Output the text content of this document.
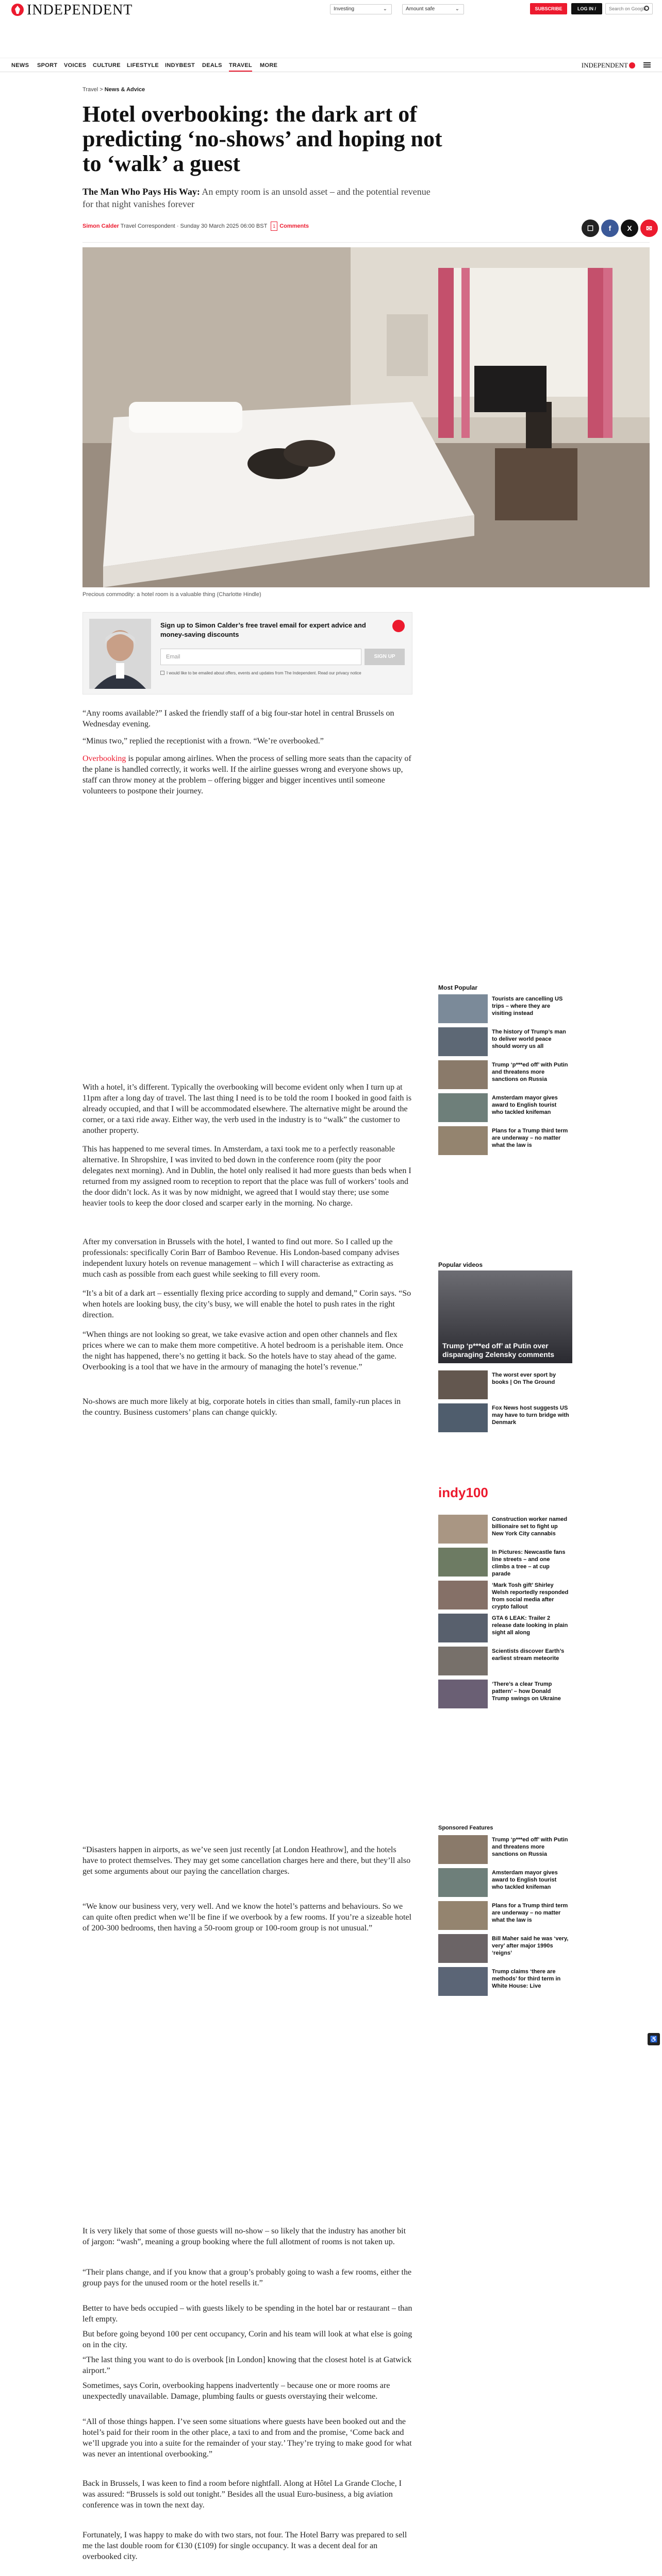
INDEPENDENT	Investing	⌄	Amount safe	⌄	SUBSCRIBE NOW
LOG IN / REGISTER
Search on Google
NEWS SPORT VOICES CULTURE LIFESTYLE INDYBEST DEALS TRAVEL MORE	INDEPENDENT
Travel > News & Advice
Hotel overbooking: the dark art of predicting ‘no-shows’ and hoping not to ‘walk’ a guest

The Man Who Pays His Way: An empty room is an unsold asset – and the potential revenue for that night vanishes forever

Simon Calder Travel Correspondent · Sunday 30 March 2025 06:00 BST 1 Comments	☐	f	X	✉
Precious commodity: a hotel room is a valuable thing (Charlotte Hindle)
Sign up to Simon Calder’s free travel email for expert advice and money-saving discounts
Email	SIGN UP
I would like to be emailed about offers, events and updates from The Independent. Read our privacy notice

“Any rooms available?” I asked the friendly staff of a big four-star hotel in central Brussels on Wednesday evening.

“Minus two,” replied the receptionist with a frown. “We’re overbooked.”

Overbooking is popular among airlines. When the process of selling more seats than the capacity of the plane is handled correctly, it works well. If the airline guesses wrong and everyone shows up, staff can throw money at the problem – offering bigger and bigger incentives until someone volunteers to postpone their journey.

With a hotel, it’s different. Typically the overbooking will become evident only when I turn up at 11pm after a long day of travel. The last thing I need is to be told the room I booked in good faith is already occupied, and that I will be accommodated elsewhere. The alternative might be around the corner, or a taxi ride away. Either way, the verb used in the industry is to “walk” the customer to another property.

This has happened to me several times. In Amsterdam, a taxi took me to a perfectly reasonable alternative. In Shropshire, I was invited to bed down in the conference room (pity the poor delegates next morning). And in Dublin, the hotel only realised it had more guests than beds when I returned from my assigned room to reception to report that the place was full of workers’ tools and the door didn’t lock. As it was by now midnight, we agreed that I would stay there; use some heavier tools to keep the door closed and scarper early in the morning. No charge.

After my conversation in Brussels with the hotel, I wanted to find out more. So I called up the professionals: specifically Corin Barr of Bamboo Revenue. His London-based company advises independent luxury hotels on revenue management – which I will characterise as extracting as much cash as possible from each guest while seeking to fill every room.

“It’s a bit of a dark art – essentially flexing price according to supply and demand,” Corin says. “So when hotels are looking busy, the city’s busy, we will enable the hotel to push rates in the right direction.

“When things are not looking so great, we take evasive action and open other channels and flex prices where we can to make them more competitive. A hotel bedroom is a perishable item. Once the night has happened, there’s no getting it back. So the hotels have to stay ahead of the game. Overbooking is a tool that we have in the armoury of managing the hotel’s revenue.”

No-shows are much more likely at big, corporate hotels in cities than small, family-run places in the country. Business customers’ plans can change quickly.

“Disasters happen in airports, as we’ve seen just recently [at London Heathrow], and the hotels have to protect themselves. They may get some cancellation charges here and there, but they’ll also get some arguments about our paying the cancellation charges.

“We know our business very, very well. And we know the hotel’s patterns and behaviours. So we can quite often predict when we’ll be fine if we overbook by a few rooms. If you’re a sizeable hotel of 200-300 bedrooms, then having a 50-room group or 100-room group is not unusual.”

It is very likely that some of those guests will no-show – so likely that the industry has another bit of jargon: “wash”, meaning a group booking where the full allotment of rooms is not taken up.

“Their plans change, and if you know that a group’s probably going to wash a few rooms, either the group pays for the unused room or the hotel resells it.”

Better to have beds occupied – with guests likely to be spending in the hotel bar or restaurant – than left empty.

But before going beyond 100 per cent occupancy, Corin and his team will look at what else is going on in the city.

“The last thing you want to do is overbook [in London] knowing that the closest hotel is at Gatwick airport.”

Sometimes, says Corin, overbooking happens inadvertently – because one or more rooms are unexpectedly unavailable. Damage, plumbing faults or guests overstaying their welcome.

“All of those things happen. I’ve seen some situations where guests have been booked out and the hotel’s paid for their room in the other place, a taxi to and from and the promise, ‘Come back and we’ll upgrade you into a suite for the remainder of your stay.’ They’re trying to make good for what was never an intentional overbooking.”

Back in Brussels, I was keen to find a room before nightfall. Along at Hôtel La Grande Cloche, I was assured: “Brussels is sold out tonight.” Besides all the usual Euro-business, a big aviation conference was in town the next day.

Fortunately, I was happy to make do with two stars, not four. The Hotel Barry was prepared to sell me the last double room for €130 (£109) for single occupancy. It was a decent deal for an overbooked city.

Most Popular
Tourists are cancelling US trips – where they are visiting instead
The history of Trump’s man to deliver world peace should worry us all
Trump ‘p***ed off’ with Putin and threatens more sanctions on Russia
Amsterdam mayor gives award to English tourist who tackled knifeman
Plans for a Trump third term are underway – no matter what the law is
Popular videos
Trump ‘p***ed off’ at Putin over disparaging Zelensky comments
The worst ever sport by books | On The Ground
Fox News host suggests US may have to turn bridge with Denmark
indy100
Construction worker named billionaire set to fight up New York City cannabis
In Pictures: Newcastle fans line streets – and one climbs a tree – at cup parade
‘Mark Tosh gift’ Shirley Welsh reportedly responded from social media after crypto fallout
GTA 6 LEAK: Trailer 2 release date looking in plain sight all along
Scientists discover Earth’s earliest stream meteorite
‘There’s a clear Trump pattern’ – how Donald Trump swings on Ukraine
Sponsored Features
Trump ‘p***ed off’ with Putin and threatens more sanctions on Russia
Amsterdam mayor gives award to English tourist who tackled knifeman
Plans for a Trump third term are underway – no matter what the law is
Bill Maher said he was ‘very, very’ after major 1990s ‘reigns’
Trump claims ‘there are methods’ for third term in White House: Live
♿
